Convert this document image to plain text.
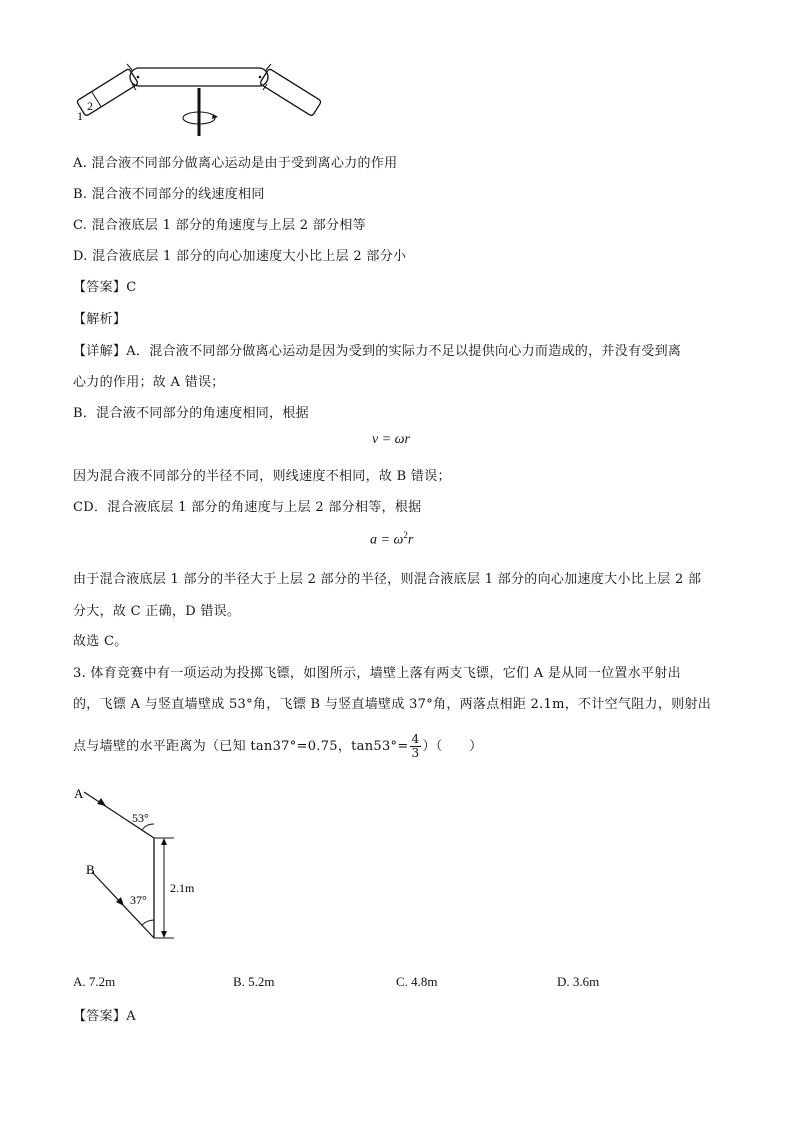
1
2
A. 混合液不同部分做离心运动是由于受到离心力的作用
B. 混合液不同部分的线速度相同
C. 混合液底层 1 部分的角速度与上层 2 部分相等
D. 混合液底层 1 部分的向心加速度大小比上层 2 部分小
【答案】C
【解析】
【详解】A．混合液不同部分做离心运动是因为受到的实际力不足以提供向心力而造成的，并没有受到离
心力的作用；故 A 错误；
B．混合液不同部分的角速度相同，根据
v = ωr
因为混合液不同部分的半径不同，则线速度不相同，故 B 错误；
CD．混合液底层 1 部分的角速度与上层 2 部分相等，根据
$a = \omega^2r$
由于混合液底层 1 部分的半径大于上层 2 部分的半径，则混合液底层 1 部分的向心加速度大小比上层 2 部
分大，故 C 正确，D 错误。
故选 C。
3. 体育竞赛中有一项运动为投掷飞镖，如图所示，墙壁上落有两支飞镖，它们 A 是从同一位置水平射出
的，飞镖 A 与竖直墙壁成 53°角，飞镖 B 与竖直墙壁成 37°角，两落点相距 2.1m，不计空气阻力，则射出
点与墙壁的水平距离为（已知 tan37°=0.75，$\tan 53^\circ= \frac{4}{3}$ ）（　　）
A
B
53°
37°
2.1m
A. 7.2m	B. 5.2m	C. 4.8m	D. 3.6m
【答案】A
